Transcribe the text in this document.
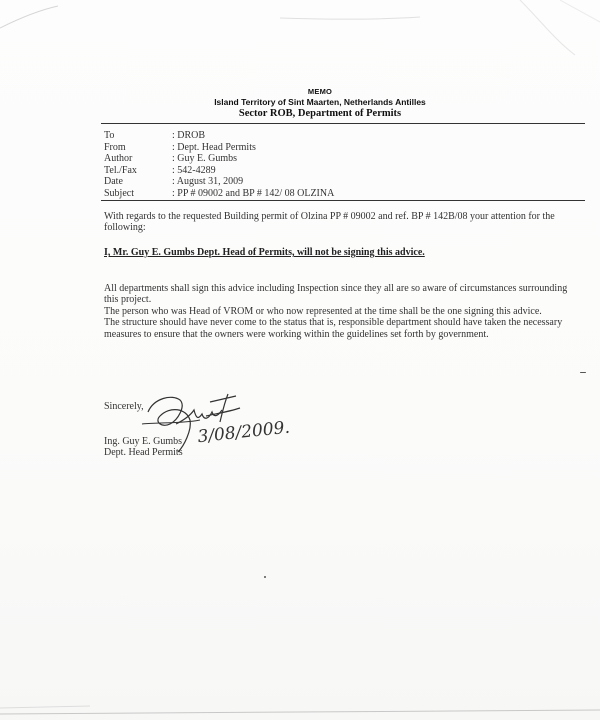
MEMO
Island Territory of Sint Maarten, Netherlands Antilles
Sector ROB, Department of Permits
To	: DROB
From	: Dept. Head Permits
Author	: Guy E. Gumbs
Tel./Fax	: 542-4289
Date	: August 31, 2009
Subject	: PP # 09002 and BP # 142/ 08 OLZINA

With regards to the requested Building permit of Olzina PP # 09002 and ref. BP # 142B/08 your attention for the following:

I, Mr. Guy E. Gumbs Dept. Head of Permits, will not be signing this advice.

All departments shall sign this advice including Inspection since they all are so aware of circumstances surrounding this project.
The person who was Head of VROM or who now represented at the time shall be the one signing this advice.
The structure should have never come to the status that is, responsible department should have taken the necessary measures to ensure that the owners were working within the guidelines set forth by government.

Sincerely,
3/08/2009.
Ing. Guy E. Gumbs
Dept. Head Permits
